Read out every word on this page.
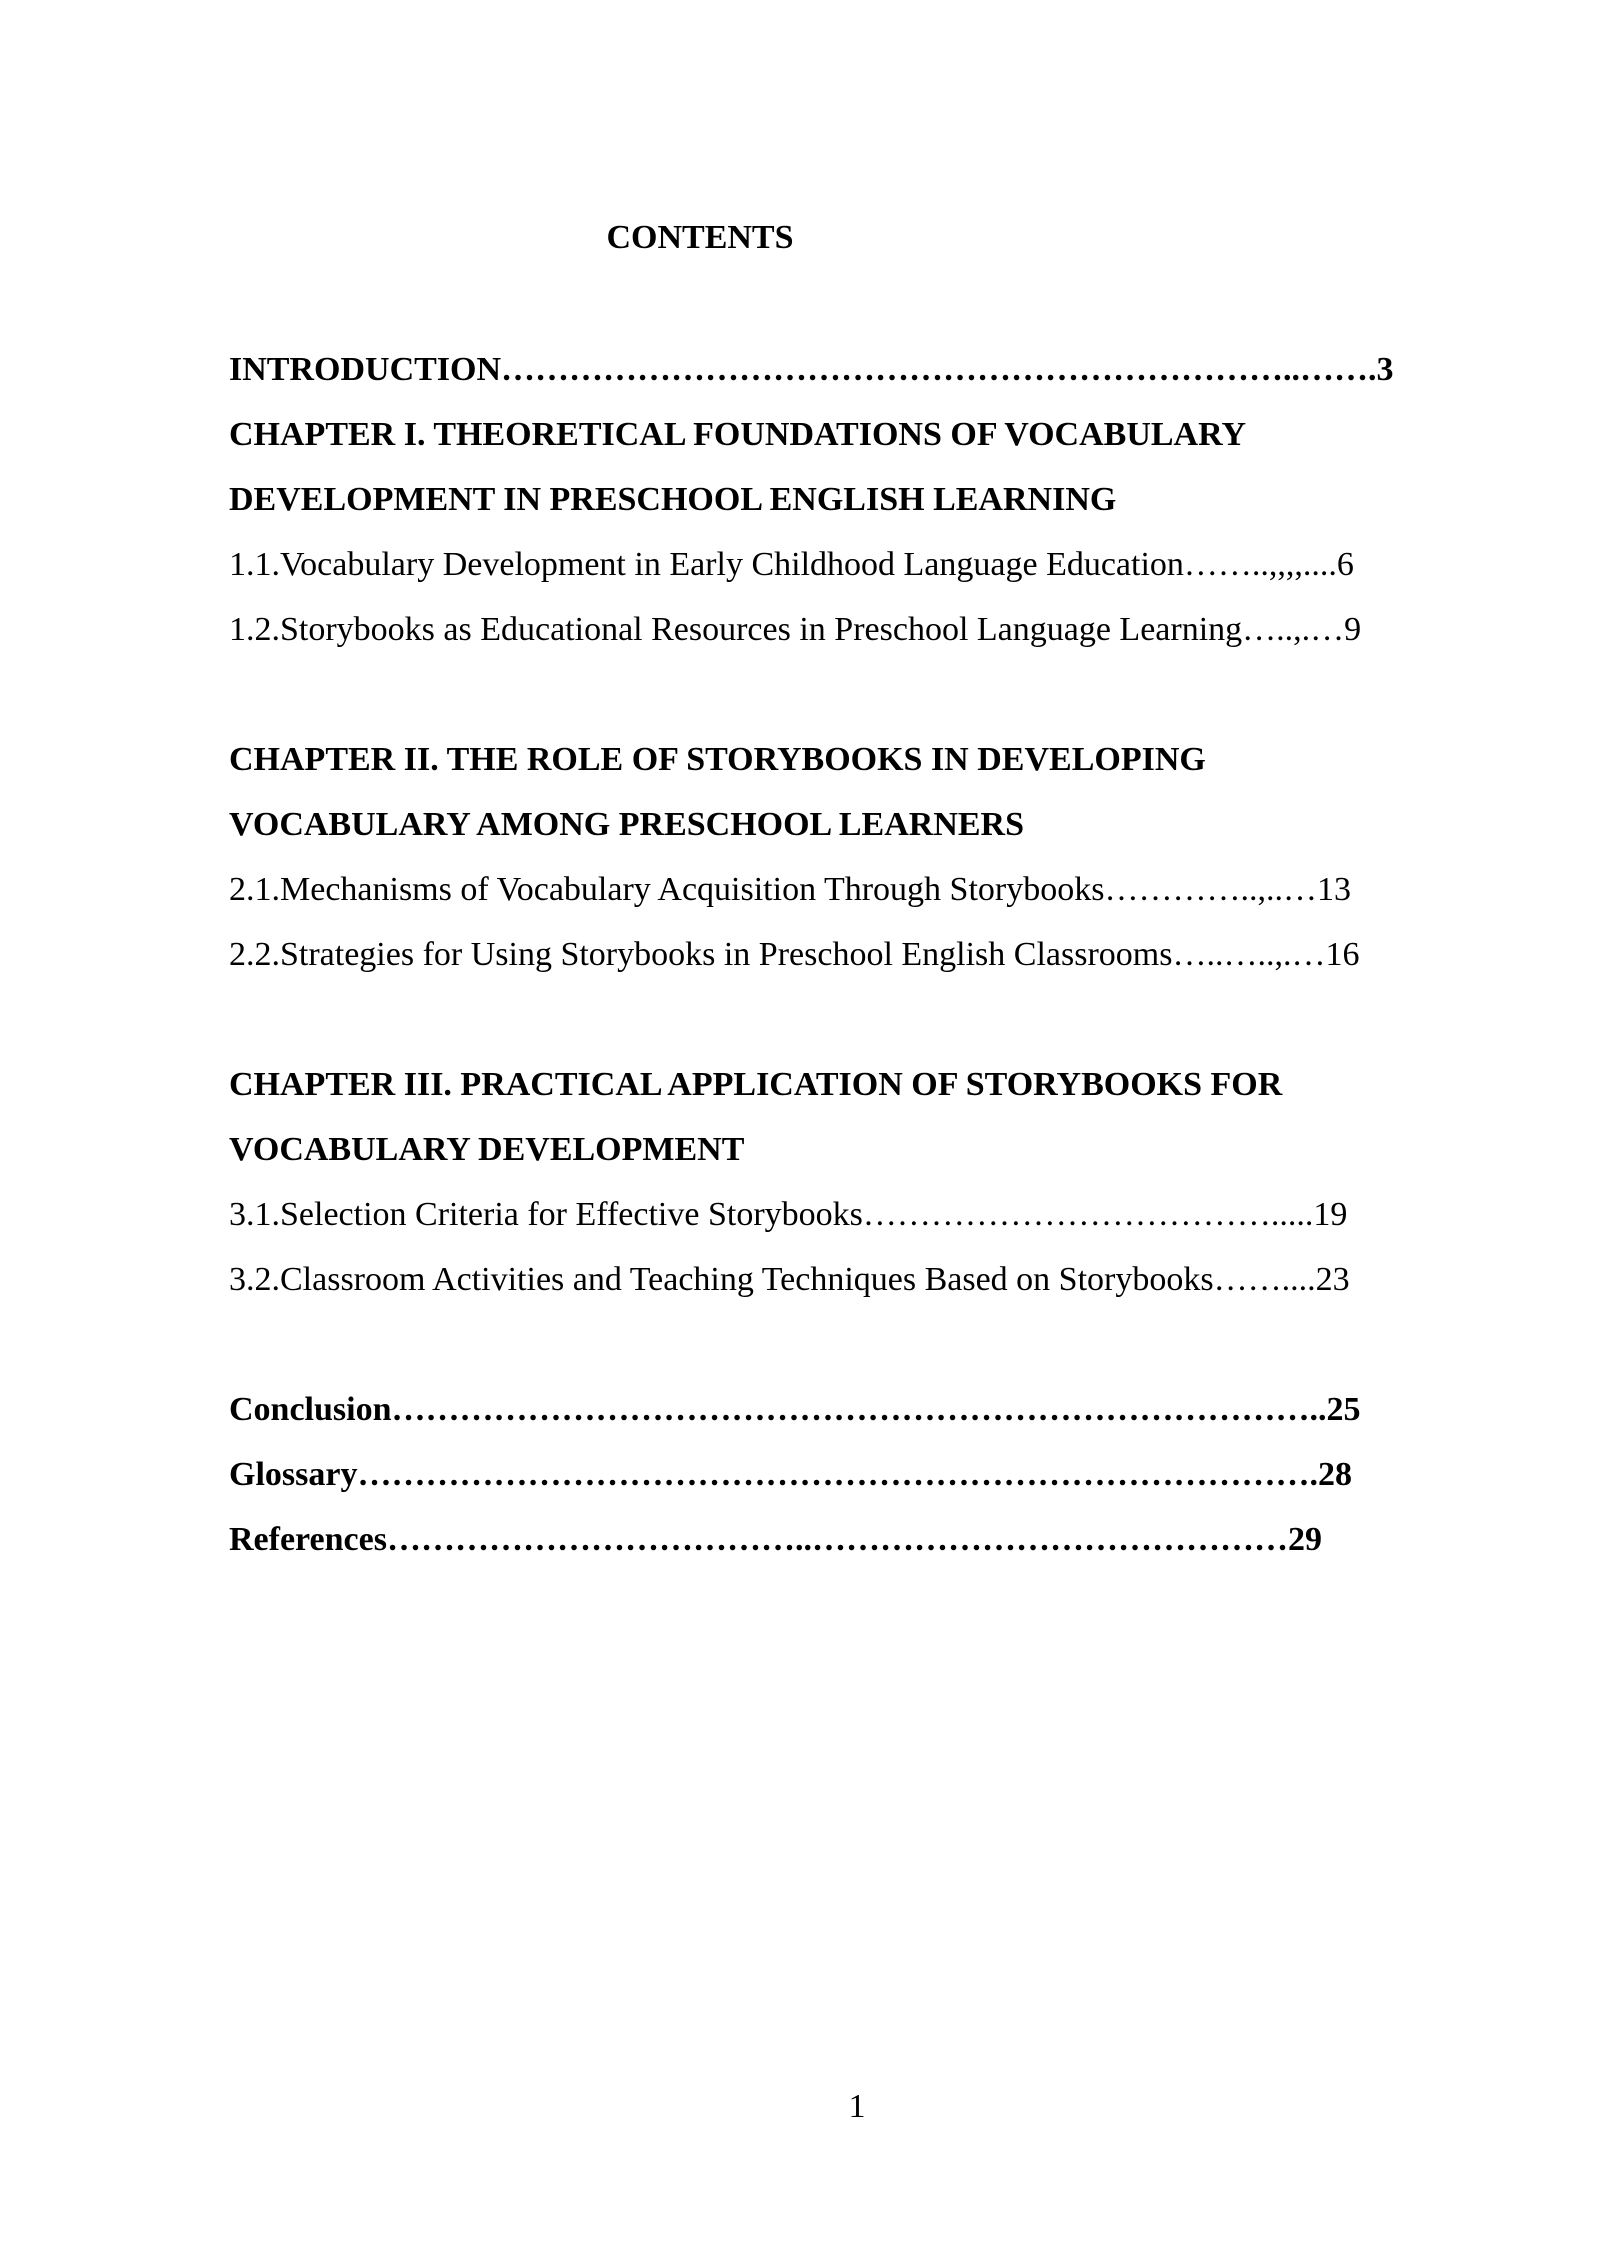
CONTENTS
INTRODUCTION……………………………………………………………..…….3
CHAPTER I. THEORETICAL FOUNDATIONS OF VOCABULARY
DEVELOPMENT IN PRESCHOOL ENGLISH LEARNING
1.1.Vocabulary Development in Early Childhood Language Education……..,,,,....6
1.2.Storybooks as Educational Resources in Preschool Language Learning…..,.…9
CHAPTER II. THE ROLE OF STORYBOOKS IN DEVELOPING
VOCABULARY AMONG PRESCHOOL LEARNERS
2.1.Mechanisms of Vocabulary Acquisition Through Storybooks…………..,..…13
2.2.Strategies for Using Storybooks in Preschool English Classrooms…..…..,.…16
CHAPTER III. PRACTICAL APPLICATION OF STORYBOOKS FOR
VOCABULARY DEVELOPMENT
3.1.Selection Criteria for Effective Storybooks……………………………….....19
3.2.Classroom Activities and Teaching Techniques Based on Storybooks……....23
Conclusion………………………………………………………………………..25
Glossary………………………………………………………………………….28
References………………………………..……………………………………29
1
